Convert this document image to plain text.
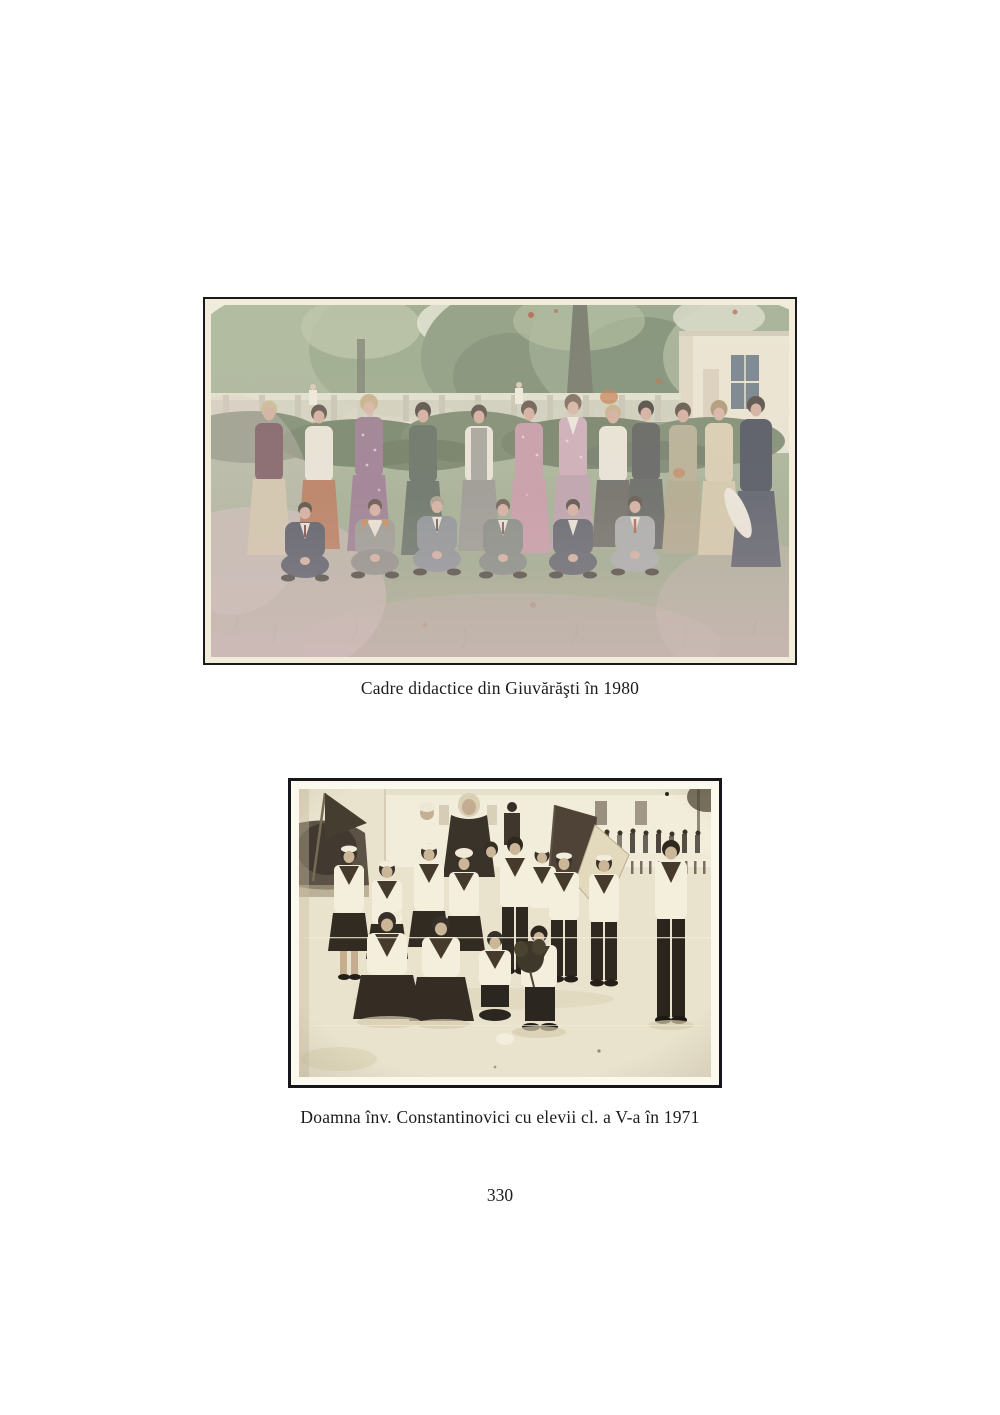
Cadre didactice din Giuvărăşti în 1980
Doamna înv. Constantinovici cu elevii cl. a V-a în 1971
330
